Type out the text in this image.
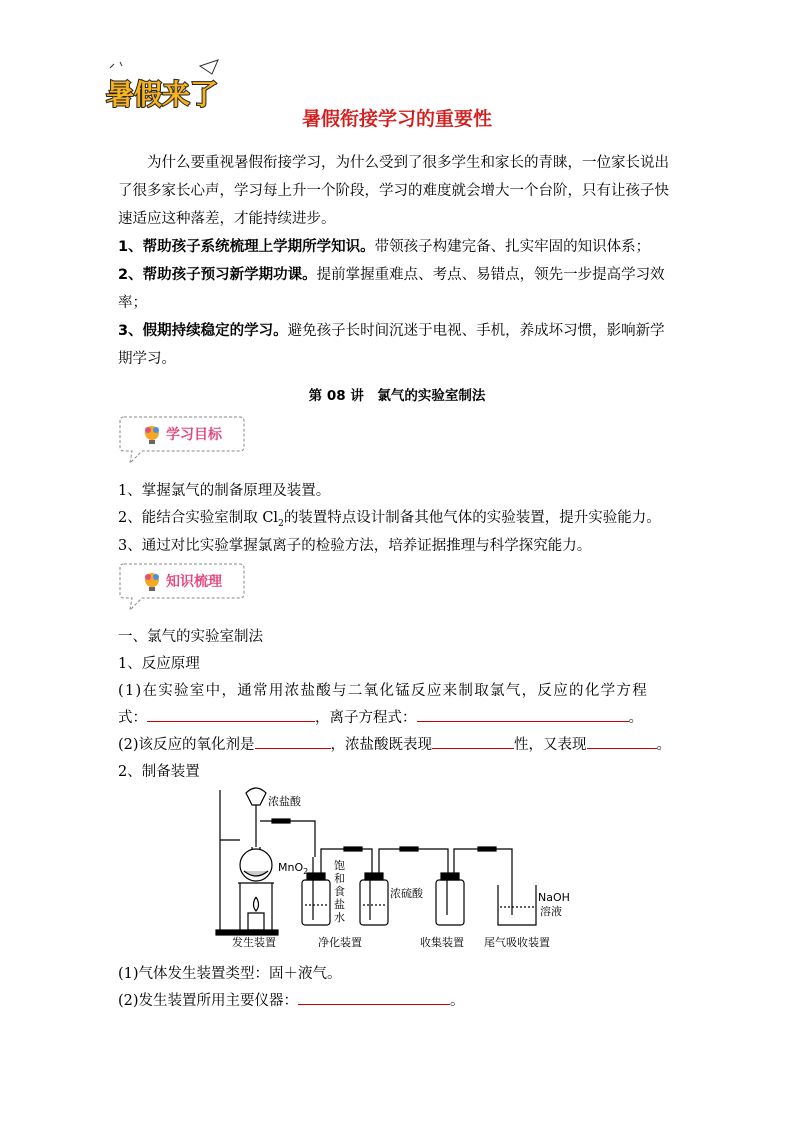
暑假来了
暑假衔接学习的重要性
为什么要重视暑假衔接学习，为什么受到了很多学生和家长的青睐，一位家长说出了很多家长心声，学习每上升一个阶段，学习的难度就会增大一个台阶，只有让孩子快速适应这种落差，才能持续进步。
1、帮助孩子系统梳理上学期所学知识。带领孩子构建完备、扎实牢固的知识体系；
2、帮助孩子预习新学期功课。提前掌握重难点、考点、易错点，领先一步提高学习效率；
3、假期持续稳定的学习。避免孩子长时间沉迷于电视、手机，养成坏习惯，影响新学期学习。
第 08 讲　氯气的实验室制法
学习目标
1、掌握氯气的制备原理及装置。
2、能结合实验室制取 $Cl_2$的装置特点设计制备其他气体的实验装置，提升实验能力。
3、通过对比实验掌握氯离子的检验方法，培养证据推理与科学探究能力。
知识梳理
一、氯气的实验室制法
1、反应原理
(1)在实验室中，通常用浓盐酸与二氧化锰反应来制取氯气，反应的化学方程
式：	，离子方程式：	。
(2)该反应的氧化剂是	，浓盐酸既表现	性，又表现	。
2、制备装置
浓盐酸
MnO$_2$ 饱
和
食
盐
水
浓硫酸	NaOH
溶液
发生装置	净化装置	收集装置 尾气吸收装置
(1)气体发生装置类型：固＋液气。
(2)发生装置所用主要仪器：	。
